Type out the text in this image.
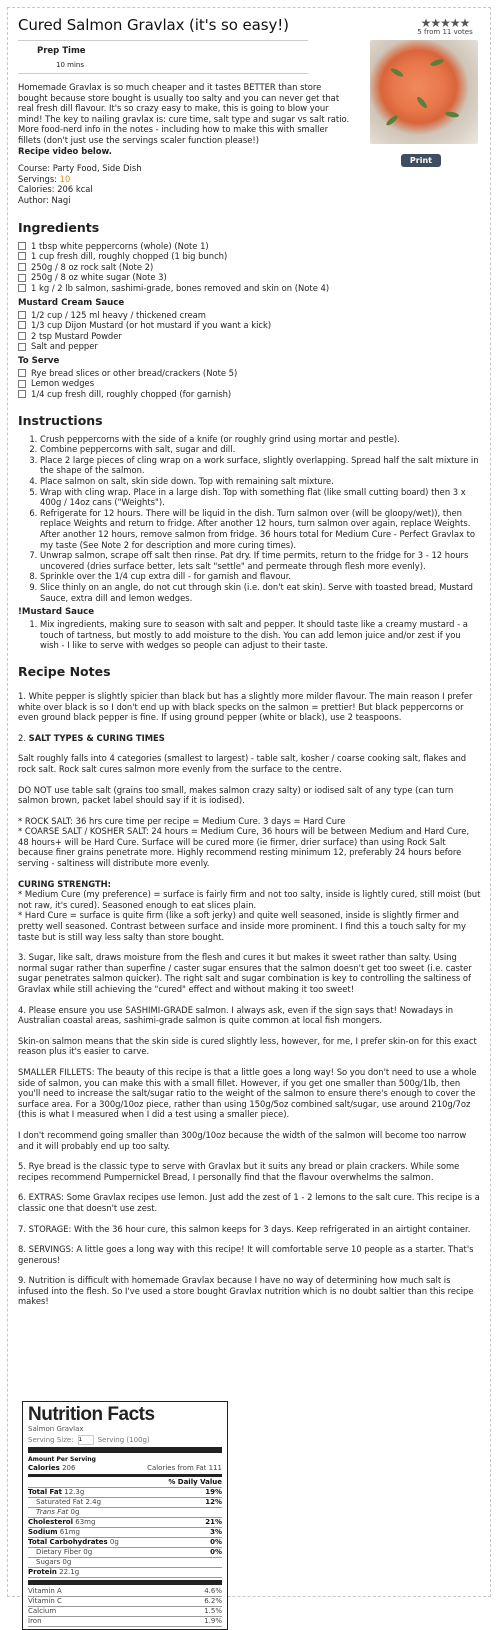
★★★★★
5 from 11 votes
Print
Cured Salmon Gravlax (it's so easy!)
Prep Time
10 mins

Homemade Gravlax is so much cheaper and it tastes BETTER than store bought because store bought is usually too salty and you can never get that real fresh dill flavour. It's so crazy easy to make, this is going to blow your mind! The key to nailing gravlax is: cure time, salt type and sugar vs salt ratio. More food-nerd info in the notes - including how to make this with smaller fillets (don't just use the servings scaler function please!)
Recipe video below.

Course: Party Food, Side Dish
Servings: 10
Calories: 206 kcal
Author: Nagi
Ingredients
1 tbsp white peppercorns (whole) (Note 1)
1 cup fresh dill, roughly chopped (1 big bunch)
250g / 8 oz rock salt (Note 2)
250g / 8 oz white sugar (Note 3)
1 kg / 2 lb salmon, sashimi-grade, bones removed and skin on (Note 4)
Mustard Cream Sauce
1/2 cup / 125 ml heavy / thickened cream
1/3 cup Dijon Mustard (or hot mustard if you want a kick)
2 tsp Mustard Powder
Salt and pepper
To Serve
Rye bread slices or other bread/crackers (Note 5)
Lemon wedges
1/4 cup fresh dill, roughly chopped (for garnish)
Instructions
1. Crush peppercorns with the side of a knife (or roughly grind using mortar and pestle).
2. Combine peppercorns with salt, sugar and dill.
3. Place 2 large pieces of cling wrap on a work surface, slightly overlapping. Spread half the salt mixture in the shape of the salmon.
4. Place salmon on salt, skin side down. Top with remaining salt mixture.
5. Wrap with cling wrap. Place in a large dish. Top with something flat (like small cutting board) then 3 x 400g / 14oz cans ("Weights").
6. Refrigerate for 12 hours. There will be liquid in the dish. Turn salmon over (will be gloopy/wet)), then replace Weights and return to fridge. After another 12 hours, turn salmon over again, replace Weights. After another 12 hours, remove salmon from fridge. 36 hours total for Medium Cure - Perfect Gravlax to my taste (See Note 2 for description and more curing times).
7. Unwrap salmon, scrape off salt then rinse. Pat dry. If time permits, return to the fridge for 3 - 12 hours uncovered (dries surface better, lets salt "settle" and permeate through flesh more evenly).
8. Sprinkle over the 1/4 cup extra dill - for garnish and flavour.
9. Slice thinly on an angle, do not cut through skin (i.e. don't eat skin). Serve with toasted bread, Mustard Sauce, extra dill and lemon wedges.
!Mustard Sauce
1. Mix ingredients, making sure to season with salt and pepper. It should taste like a creamy mustard - a touch of tartness, but mostly to add moisture to the dish. You can add lemon juice and/or zest if you wish - I like to serve with wedges so people can adjust to their taste.
Recipe Notes

1. White pepper is slightly spicier than black but has a slightly more milder flavour. The main reason I prefer white over black is so I don't end up with black specks on the salmon = prettier! But black peppercorns or even ground black pepper is fine. If using ground pepper (white or black), use 2 teaspoons.

2. SALT TYPES & CURING TIMES

Salt roughly falls into 4 categories (smallest to largest) - table salt, kosher / coarse cooking salt, flakes and rock salt. Rock salt cures salmon more evenly from the surface to the centre.

DO NOT use table salt (grains too small, makes salmon crazy salty) or iodised salt of any type (can turn salmon brown, packet label should say if it is iodised).

* ROCK SALT: 36 hrs cure time per recipe = Medium Cure. 3 days = Hard Cure

* COARSE SALT / KOSHER SALT: 24 hours = Medium Cure, 36 hours will be between Medium and Hard Cure, 48 hours+ will be Hard Cure. Surface will be cured more (ie firmer, drier surface) than using Rock Salt because finer grains penetrate more. Highly recommend resting minimum 12, preferably 24 hours before serving - saltiness will distribute more evenly.

CURING STRENGTH:

* Medium Cure (my preference) = surface is fairly firm and not too salty, inside is lightly cured, still moist (but not raw, it's cured). Seasoned enough to eat slices plain.

* Hard Cure = surface is quite firm (like a soft jerky) and quite well seasoned, inside is slightly firmer and pretty well seasoned. Contrast between surface and inside more prominent. I find this a touch salty for my taste but is still way less salty than store bought.

3. Sugar, like salt, draws moisture from the flesh and cures it but makes it sweet rather than salty. Using normal sugar rather than superfine / caster sugar ensures that the salmon doesn't get too sweet (i.e. caster sugar penetrates salmon quicker). The right salt and sugar combination is key to controlling the saltiness of Gravlax while still achieving the "cured" effect and without making it too sweet!

4. Please ensure you use SASHIMI-GRADE salmon. I always ask, even if the sign says that! Nowadays in Australian coastal areas, sashimi-grade salmon is quite common at local fish mongers.

Skin-on salmon means that the skin side is cured slightly less, however, for me, I prefer skin-on for this exact reason plus it's easier to carve.

SMALLER FILLETS: The beauty of this recipe is that a little goes a long way! So you don't need to use a whole side of salmon, you can make this with a small fillet. However, if you get one smaller than 500g/1lb, then you'll need to increase the salt/sugar ratio to the weight of the salmon to ensure there's enough to cover the surface area. For a 300g/10oz piece, rather than using 150g/5oz combined salt/sugar, use around 210g/7oz (this is what I measured when I did a test using a smaller piece).

I don't recommend going smaller than 300g/10oz because the width of the salmon will become too narrow and it will probably end up too salty.

5. Rye bread is the classic type to serve with Gravlax but it suits any bread or plain crackers. While some recipes recommend Pumpernickel Bread, I personally find that the flavour overwhelms the salmon.

6. EXTRAS: Some Gravlax recipes use lemon. Just add the zest of 1 - 2 lemons to the salt cure. This recipe is a classic one that doesn't use zest.

7. STORAGE: With the 36 hour cure, this salmon keeps for 3 days. Keep refrigerated in an airtight container.

8. SERVINGS: A little goes a long way with this recipe! It will comfortable serve 10 people as a starter. That's generous!

9. Nutrition is difficult with homemade Gravlax because I have no way of determining how much salt is infused into the flesh. So I've used a store bought Gravlax nutrition which is no doubt saltier than this recipe makes!

Nutrition Facts
Salmon Gravlax
Serving Size:
1	Serving (100g)
Amount Per Serving
Calories 206	Calories from Fat 111
% Daily Value
Total Fat 12.3g	19%
Saturated Fat 2.4g	12%
Trans Fat 0g
Cholesterol 63mg	21%
Sodium 61mg	3%
Total Carbohydrates 0g	0%
Dietary Fiber 0g	0%
Sugars 0g
Protein 22.1g
Vitamin A	4.6%
Vitamin C	6.2%
Calcium	1.5%
Iron	1.9%
